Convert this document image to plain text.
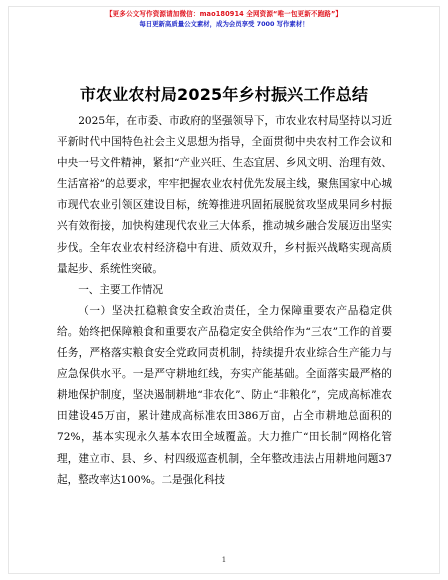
【更多公文写作资源请加微信：mao180914 全网资源“唯一包更新不跑路”】
每日更新高质量公文素材，成为会员享受 7000 写作素材！
市农业农村局2025年乡村振兴工作总结

2025年，在市委、市政府的坚强领导下，市农业农村局坚持以习近平新时代中国特色社会主义思想为指导，全面贯彻中央农村工作会议和中央一号文件精神，紧扣“产业兴旺、生态宜居、乡风文明、治理有效、生活富裕”的总要求，牢牢把握农业农村优先发展主线，聚焦国家中心城市现代农业引领区建设目标，统筹推进巩固拓展脱贫攻坚成果同乡村振兴有效衔接，加快构建现代农业三大体系，推动城乡融合发展迈出坚实步伐。全年农业农村经济稳中有进、质效双升，乡村振兴战略实现高质量起步、系统性突破。

一、主要工作情况

（一）坚决扛稳粮食安全政治责任，全力保障重要农产品稳定供给。始终把保障粮食和重要农产品稳定安全供给作为“三农”工作的首要任务，严格落实粮食安全党政同责机制，持续提升农业综合生产能力与应急保供水平。一是严守耕地红线，夯实产能基础。全面落实最严格的耕地保护制度，坚决遏制耕地“非农化”、防止“非粮化”，完成高标准农田建设45万亩，累计建成高标准农田386万亩，占全市耕地总面积的72%，基本实现永久基本农田全域覆盖。大力推广“田长制”网格化管理，建立市、县、乡、村四级巡查机制，全年整改违法占用耕地问题37起，整改率达100%。二是强化科技

1
